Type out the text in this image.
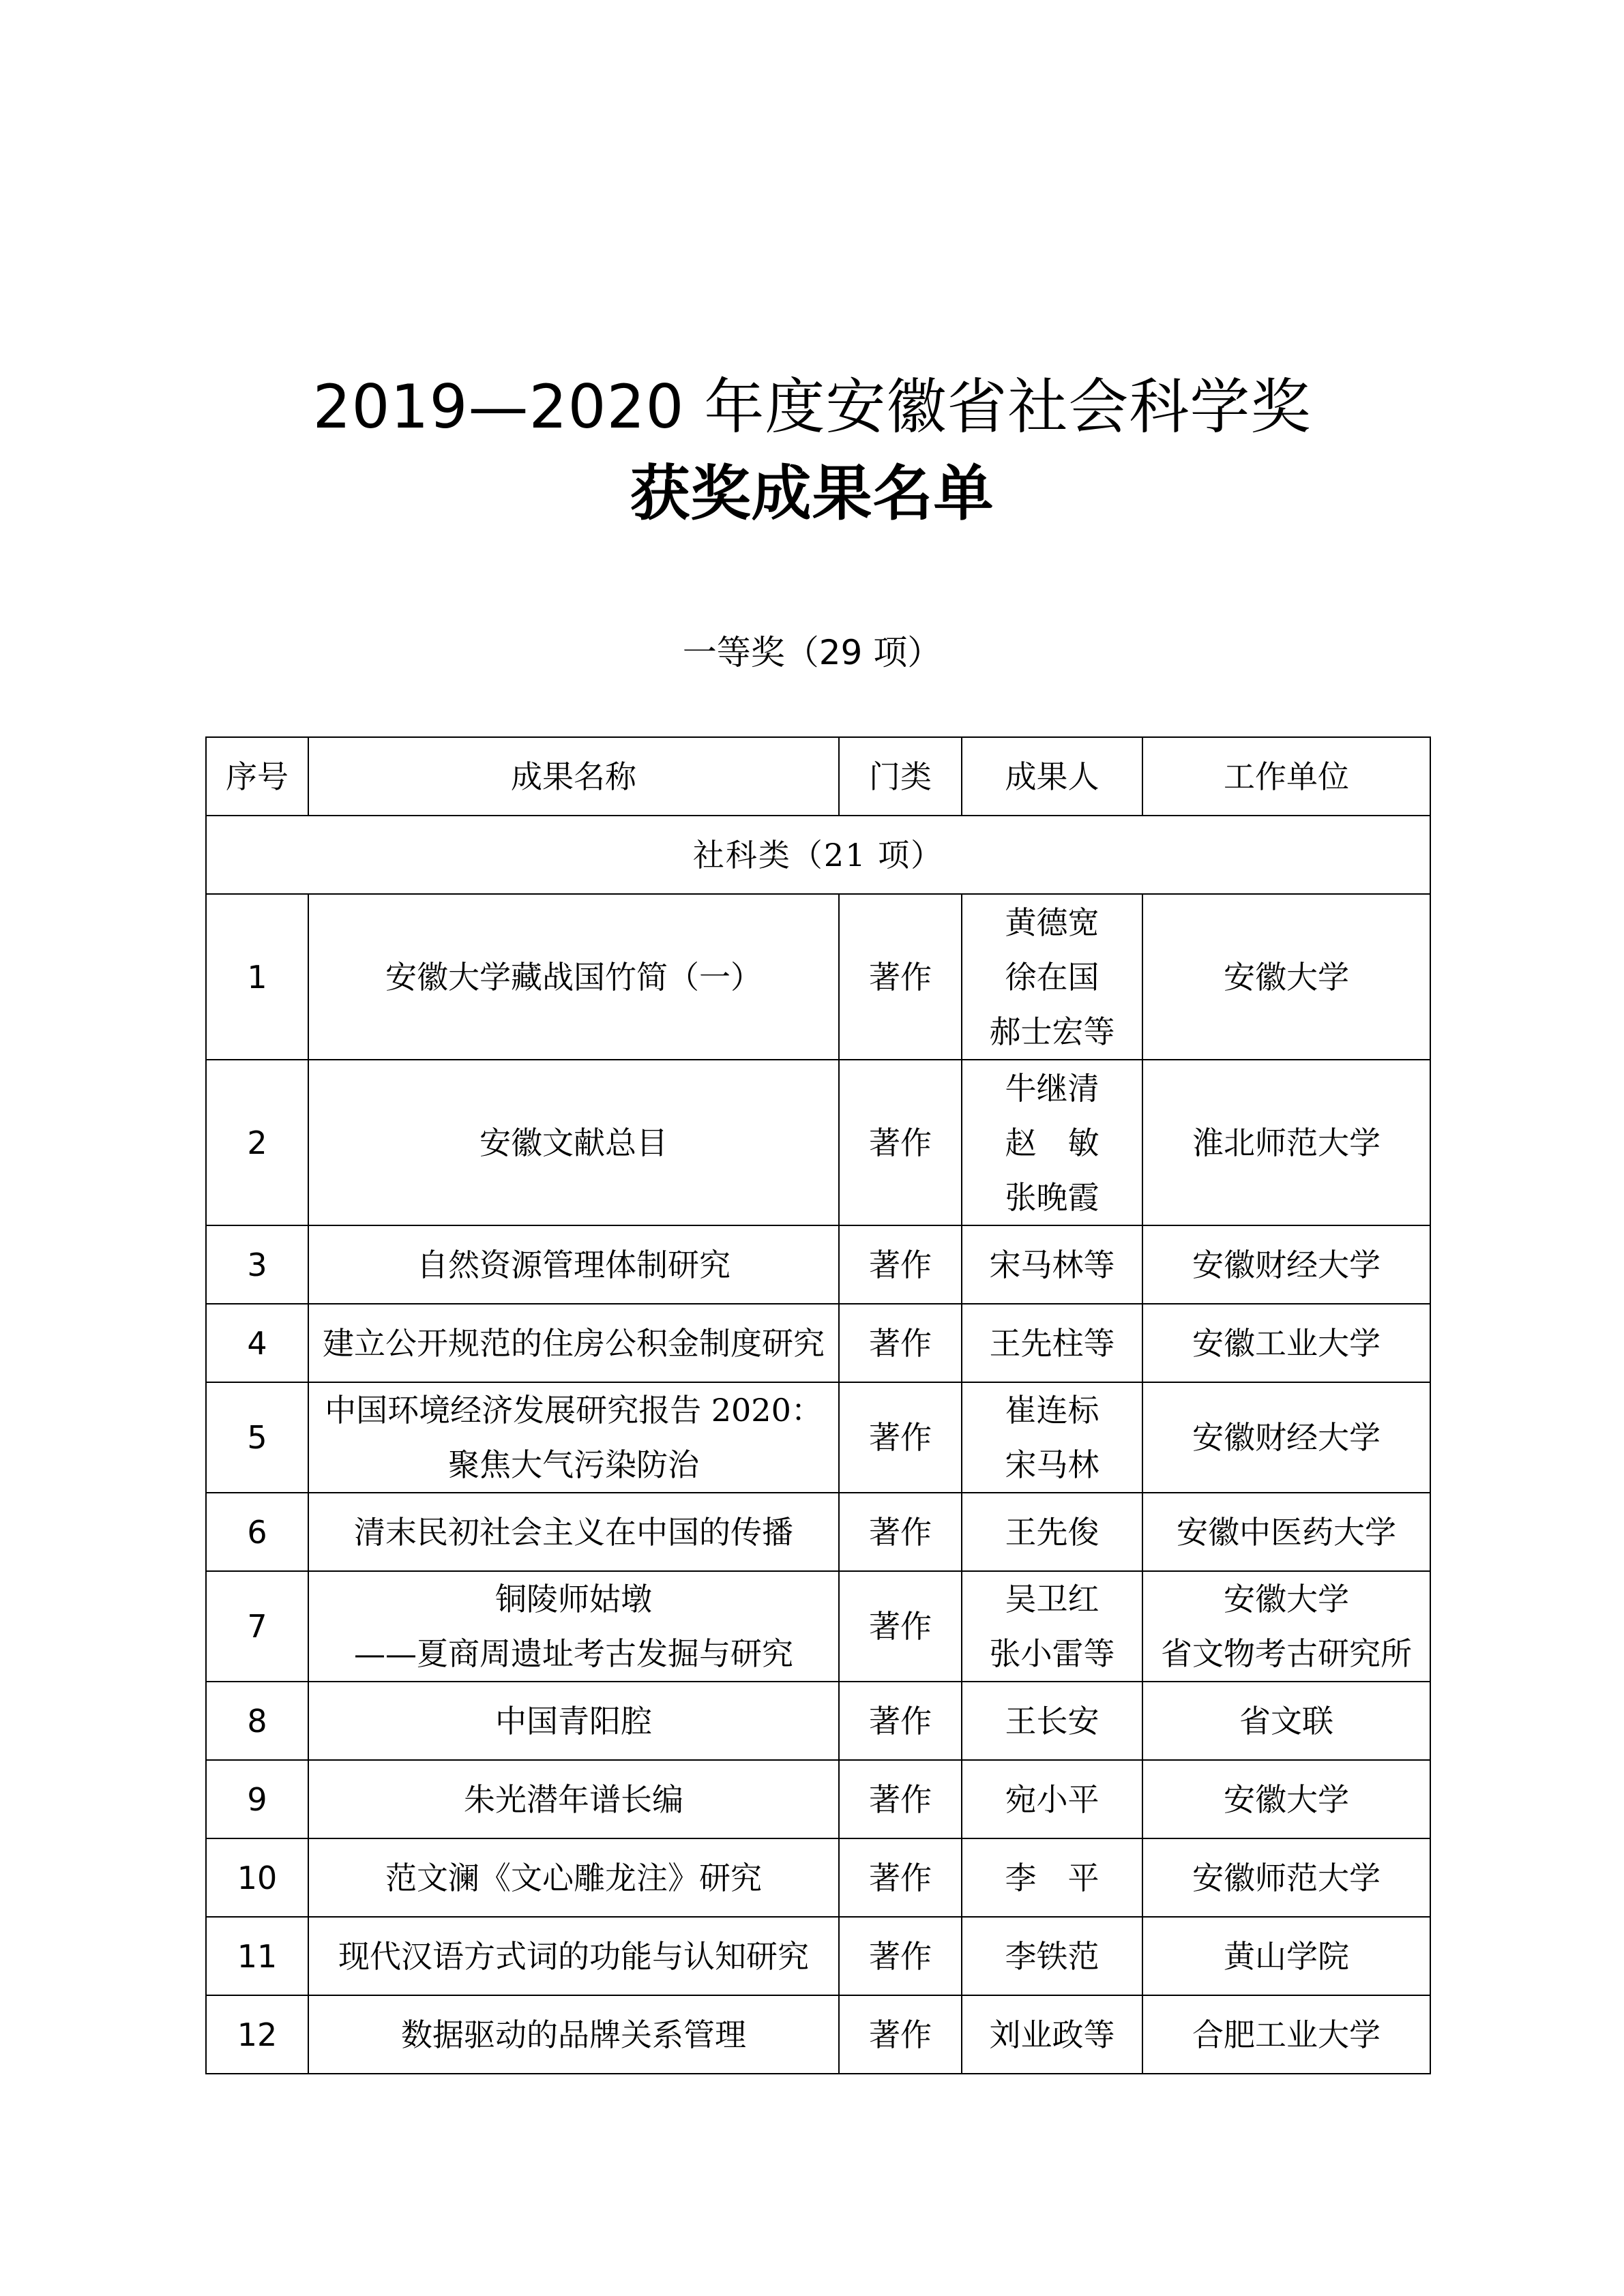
2019—2020 年度安徽省社会科学奖
获奖成果名单
一等奖（29 项）
序号	成果名称	门类	成果人	工作单位
社科类（21 项）				
1	安徽大学藏战国竹简（一）	著作	黄德宽
徐在国
郝士宏等	安徽大学

2	安徽文献总目	著作	牛继清
赵　敏
张晚霞	淮北师范大学

3	自然资源管理体制研究	著作	宋马林等	安徽财经大学

4	建立公开规范的住房公积金制度研究	著作	王先柱等	安徽工业大学

5	中国环境经济发展研究报告 2020：
聚焦大气污染防治	著作	崔连标
宋马林	安徽财经大学

6	清末民初社会主义在中国的传播	著作	王先俊	安徽中医药大学

7	铜陵师姑墩
——夏商周遗址考古发掘与研究	著作	吴卫红
张小雷等	安徽大学
省文物考古研究所

8	中国青阳腔	著作	王长安	省文联

9	朱光潜年谱长编	著作	宛小平	安徽大学

10	范文澜《文心雕龙注》研究	著作	李　平	安徽师范大学

11	现代汉语方式词的功能与认知研究	著作	李铁范	黄山学院

12	数据驱动的品牌关系管理	著作	刘业政等	合肥工业大学
